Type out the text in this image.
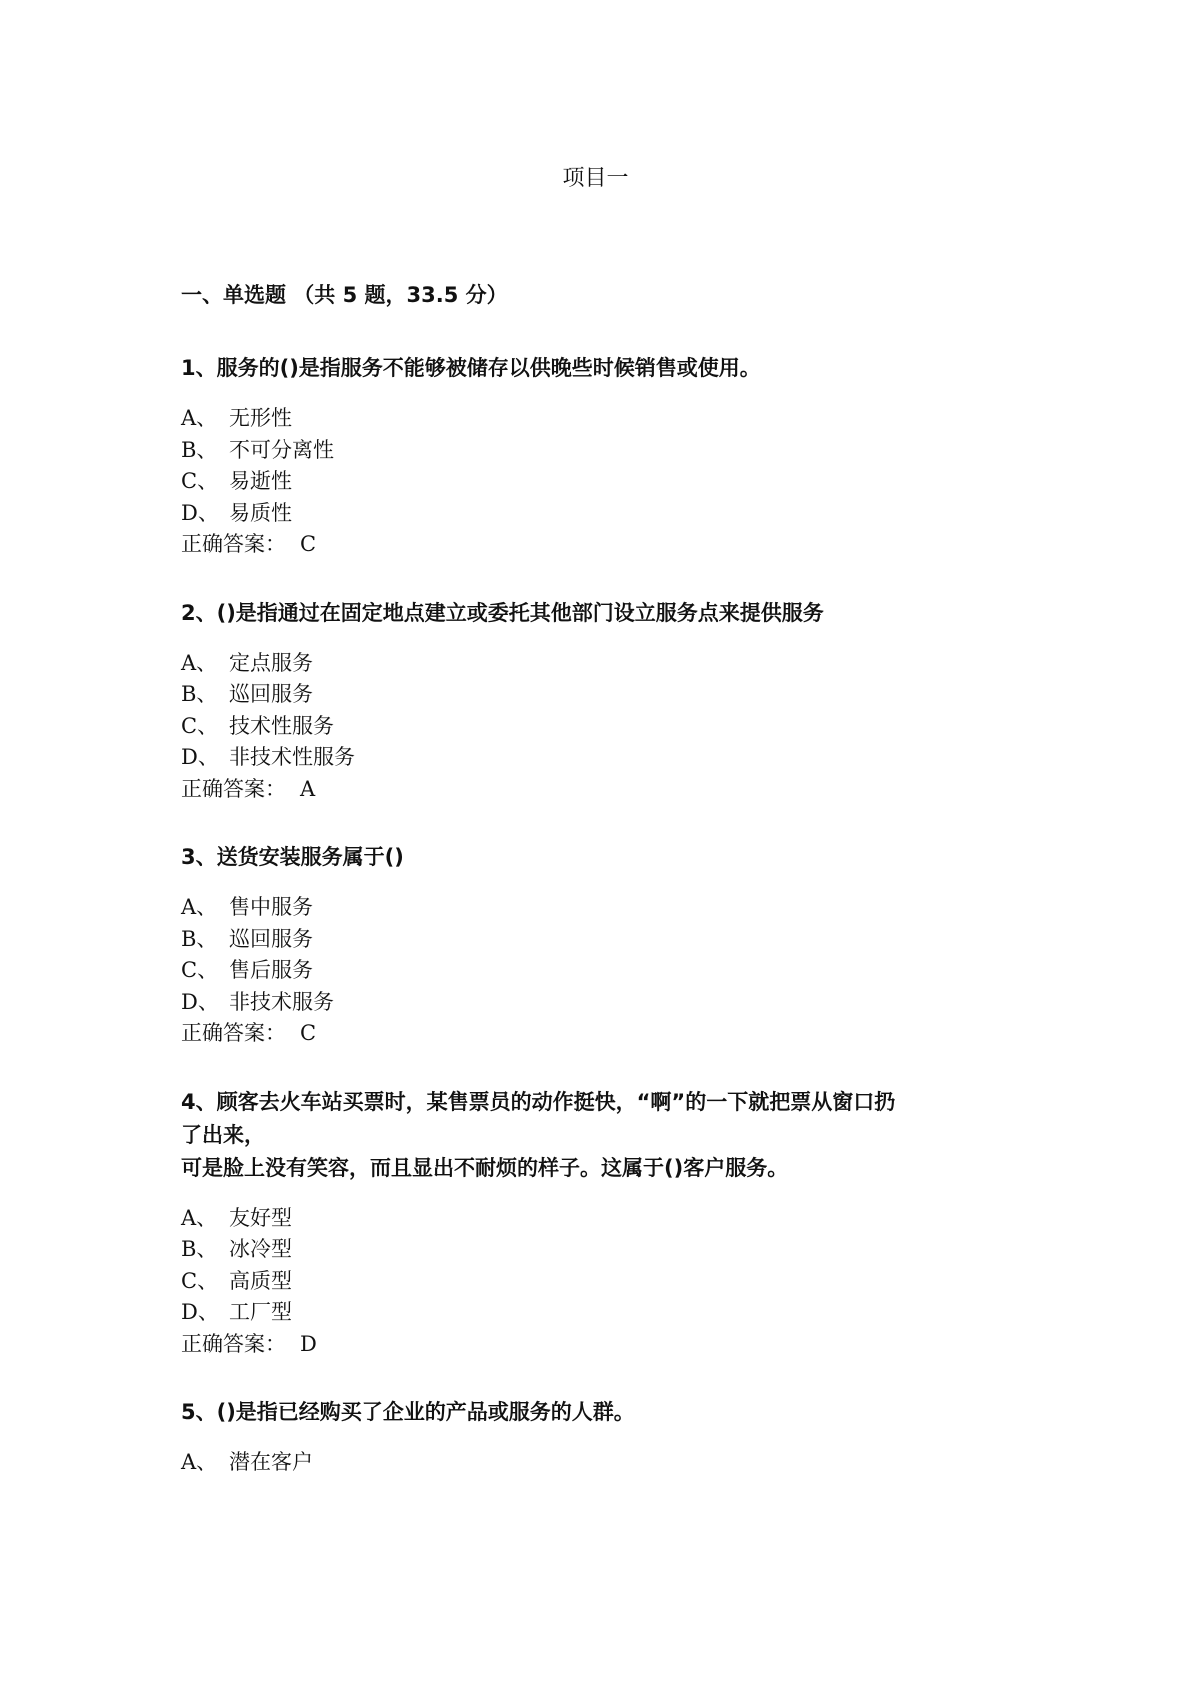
项目一
一、单选题 （共 5 题，33.5 分）
1、服务的()是指服务不能够被储存以供晚些时候销售或使用。
A、 无形性
B、 不可分离性
C、 易逝性
D、 易质性
正确答案： C
2、()是指通过在固定地点建立或委托其他部门设立服务点来提供服务
A、 定点服务
B、 巡回服务
C、 技术性服务
D、 非技术性服务
正确答案： A
3、送货安装服务属于()
A、 售中服务
B、 巡回服务
C、 售后服务
D、 非技术服务
正确答案： C
4、顾客去火车站买票时，某售票员的动作挺快，“啊”的一下就把票从窗口扔
了出来，
可是脸上没有笑容，而且显出不耐烦的样子。这属于()客户服务。
A、 友好型
B、 冰冷型
C、 高质型
D、 工厂型
正确答案： D
5、()是指已经购买了企业的产品或服务的人群。
A、 潜在客户
